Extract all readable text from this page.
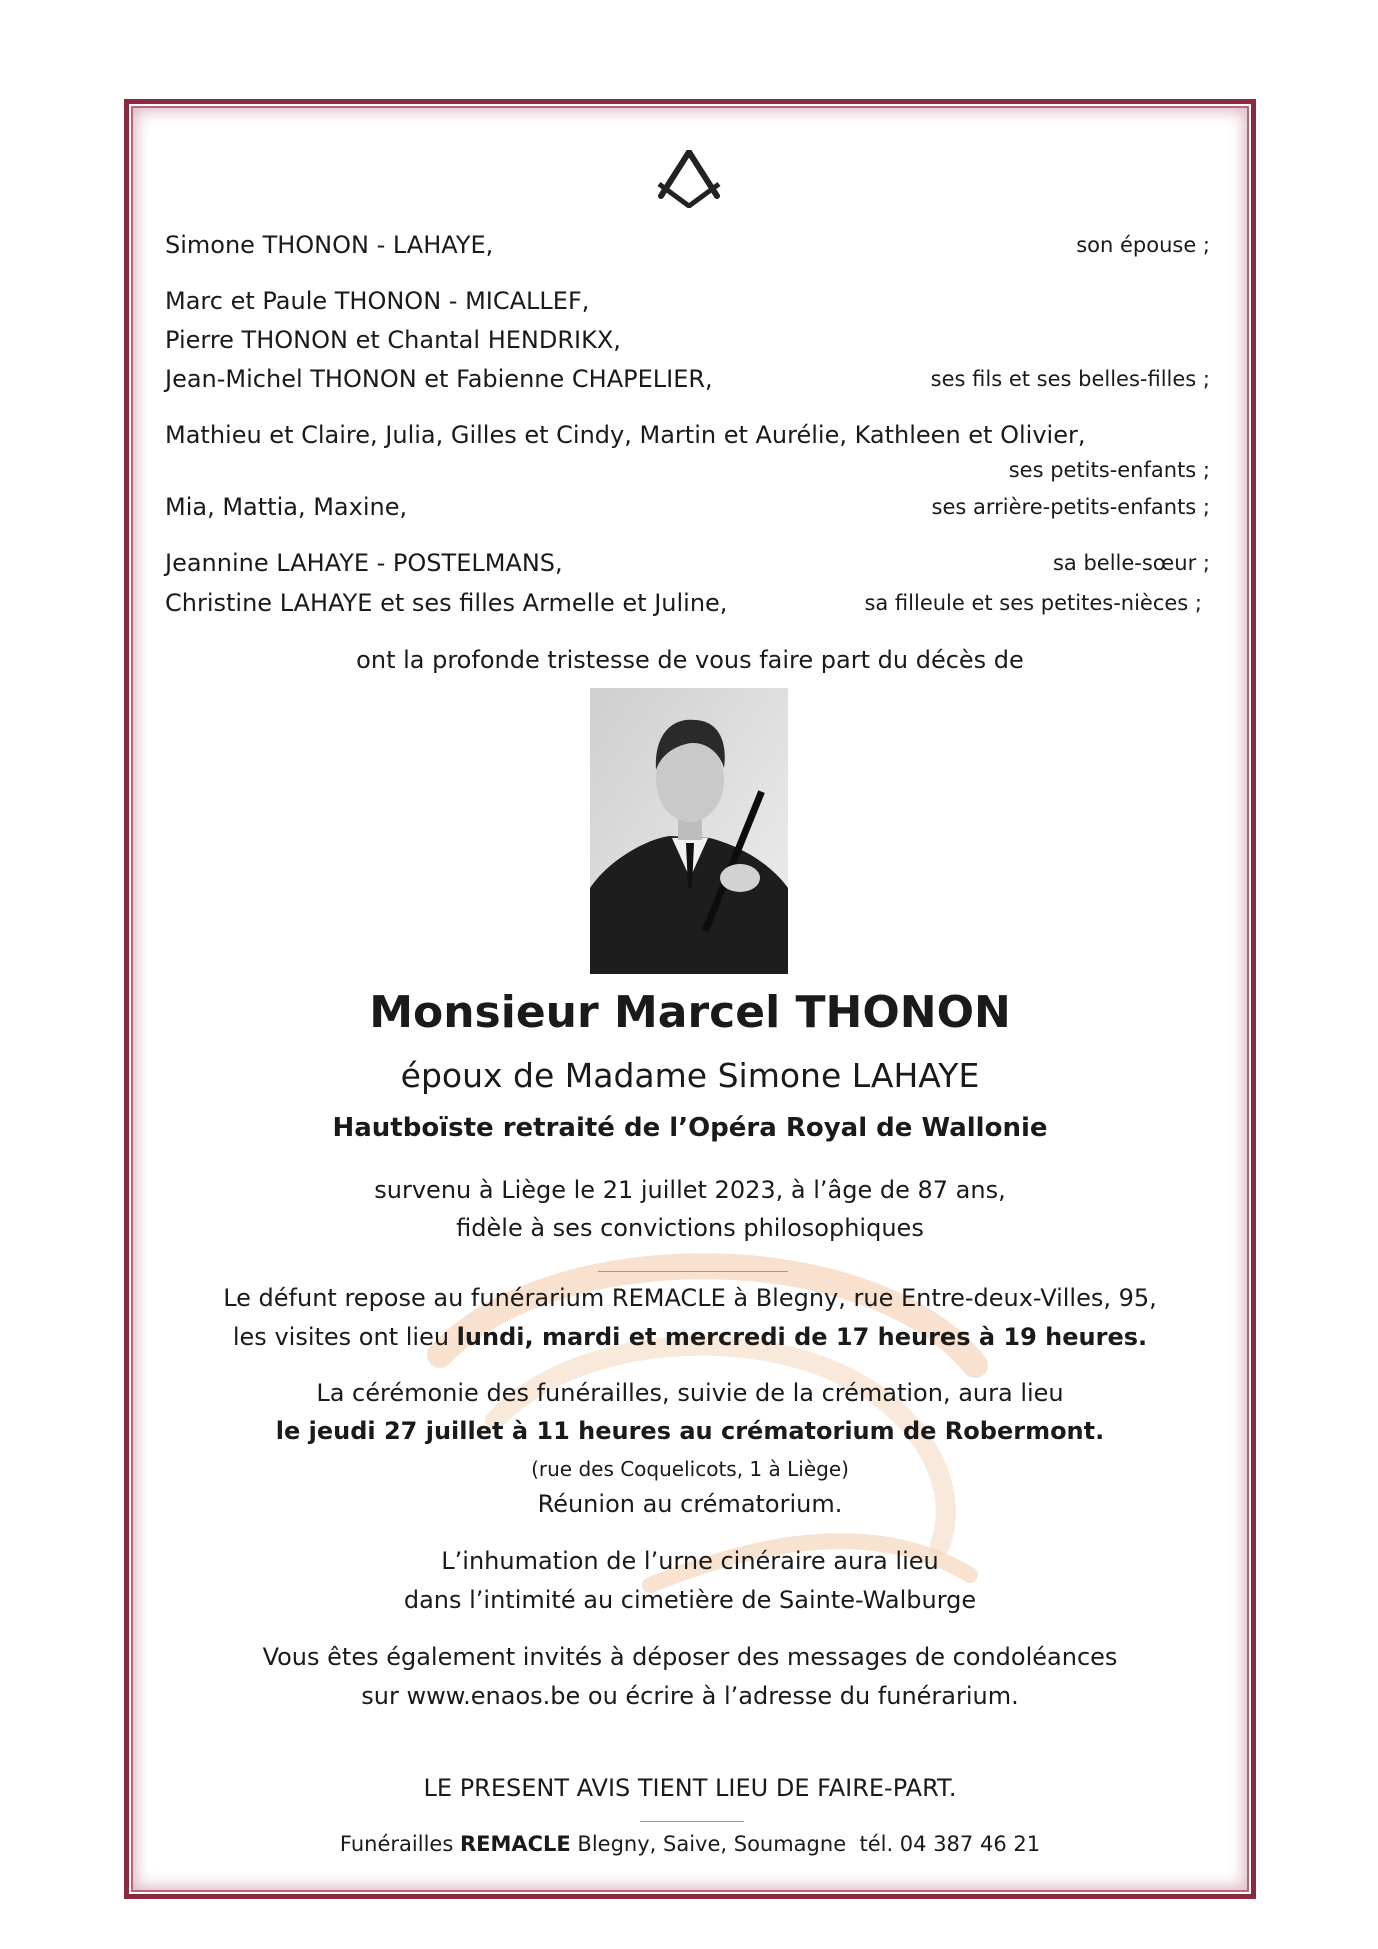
Simone THONON - LAHAYE,	son épouse ;
Marc et Paule THONON - MICALLEF,
Pierre THONON et Chantal HENDRIKX,
Jean-Michel THONON et Fabienne CHAPELIER,	ses fils et ses belles-filles ;
Mathieu et Claire, Julia, Gilles et Cindy, Martin et Aurélie, Kathleen et Olivier,
ses petits-enfants ;
Mia, Mattia, Maxine,	ses arrière-petits-enfants ;
Jeannine LAHAYE - POSTELMANS,	sa belle-sœur ;
Christine LAHAYE et ses filles Armelle et Juline,	sa filleule et ses petites-nièces ;
ont la profonde tristesse de vous faire part du décès de
Monsieur Marcel THONON
époux de Madame Simone LAHAYE
Hautboïste retraité de l’Opéra Royal de Wallonie
survenu à Liège le 21 juillet 2023, à l’âge de 87 ans,
fidèle à ses convictions philosophiques
Le défunt repose au funérarium REMACLE à Blegny, rue Entre-deux-Villes, 95,
les visites ont lieu lundi, mardi et mercredi de 17 heures à 19 heures.
La cérémonie des funérailles, suivie de la crémation, aura lieu
le jeudi 27 juillet à 11 heures au crématorium de Robermont.
(rue des Coquelicots, 1 à Liège)
Réunion au crématorium.
L’inhumation de l’urne cinéraire aura lieu
dans l’intimité au cimetière de Sainte-Walburge
Vous êtes également invités à déposer des messages de condoléances
sur www.enaos.be ou écrire à l’adresse du funérarium.
LE PRESENT AVIS TIENT LIEU DE FAIRE-PART.
Funérailles REMACLE Blegny, Saive, Soumagne  tél. 04 387 46 21
